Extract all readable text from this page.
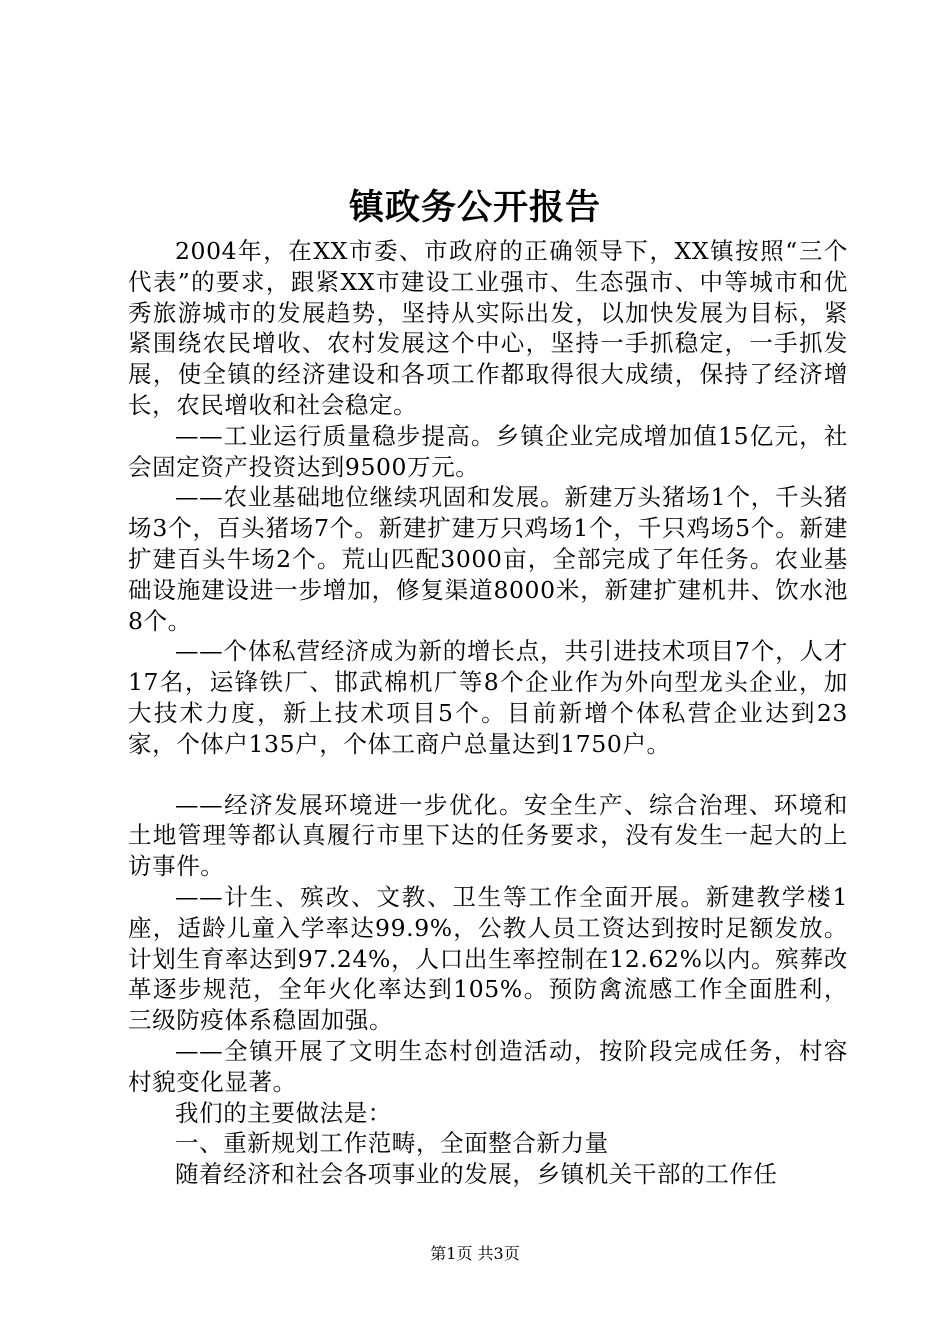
镇政务公开报告

2004年，在XX市委、市政府的正确领导下，XX镇按照“三个代表”的要求，跟紧XX市建设工业强市、生态强市、中等城市和优秀旅游城市的发展趋势，坚持从实际出发，以加快发展为目标，紧紧围绕农民增收、农村发展这个中心，坚持一手抓稳定，一手抓发展，使全镇的经济建设和各项工作都取得很大成绩，保持了经济增长，农民增收和社会稳定。

——工业运行质量稳步提高。乡镇企业完成增加值15亿元，社会固定资产投资达到9500万元。

——农业基础地位继续巩固和发展。新建万头猪场1个，千头猪场3个，百头猪场7个。新建扩建万只鸡场1个，千只鸡场5个。新建扩建百头牛场2个。荒山匹配3000亩，全部完成了年任务。农业基础设施建设进一步增加，修复渠道8000米，新建扩建机井、饮水池8个。

——个体私营经济成为新的增长点，共引进技术项目7个，人才17名，运锋铁厂、邯武棉机厂等8个企业作为外向型龙头企业，加大技术力度，新上技术项目5个。目前新增个体私营企业达到23家，个体户135户，个体工商户总量达到1750户。

——经济发展环境进一步优化。安全生产、综合治理、环境和土地管理等都认真履行市里下达的任务要求，没有发生一起大的上访事件。

——计生、殡改、文教、卫生等工作全面开展。新建教学楼1座，适龄儿童入学率达99.9%，公教人员工资达到按时足额发放。计划生育率达到97.24%，人口出生率控制在12.62%以内。殡葬改革逐步规范，全年火化率达到105%。预防禽流感工作全面胜利，三级防疫体系稳固加强。

——全镇开展了文明生态村创造活动，按阶段完成任务，村容村貌变化显著。

我们的主要做法是：

一、重新规划工作范畴，全面整合新力量

随着经济和社会各项事业的发展，乡镇机关干部的工作任

第1页 共3页
